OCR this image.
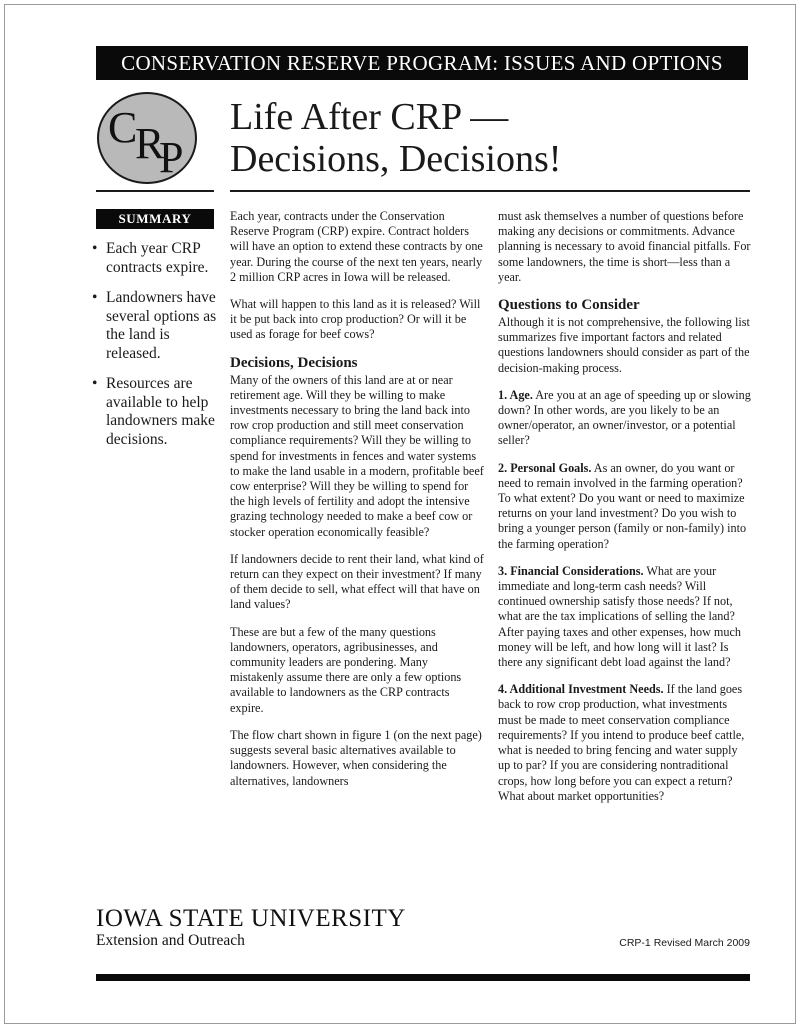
CONSERVATION RESERVE PROGRAM: ISSUES AND OPTIONS
C
R
P
Life After CRP —
Decisions, Decisions!
SUMMARY
• Each year CRP contracts expire.
• Landowners have several options as the land is released.
• Resources are available to help landowners make decisions.

Each year, contracts under the Conservation Reserve Program (CRP) expire. Contract holders will have an option to extend these contracts by one year. During the course of the next ten years, nearly 2 million CRP acres in Iowa will be released.

What will happen to this land as it is released? Will it be put back into crop production? Or will it be used as forage for beef cows?

Decisions, Decisions

Many of the owners of this land are at or near retirement age. Will they be willing to make investments necessary to bring the land back into row crop production and still meet conservation compliance requirements? Will they be willing to spend for investments in fences and water systems to make the land usable in a modern, profitable beef cow enterprise? Will they be willing to spend for the high levels of fertility and adopt the intensive grazing technology needed to make a beef cow or stocker operation economically feasible?

If landowners decide to rent their land, what kind of return can they expect on their investment? If many of them decide to sell, what effect will that have on land values?

These are but a few of the many questions landowners, operators, agribusinesses, and community leaders are pondering. Many mistakenly assume there are only a few options available to landowners as the CRP contracts expire.

The flow chart shown in figure 1 (on the next page) suggests several basic alternatives available to landowners. However, when considering the alternatives, landowners

must ask themselves a number of questions before making any decisions or commitments. Advance planning is necessary to avoid financial pitfalls. For some landowners, the time is short—less than a year.

Questions to Consider

Although it is not comprehensive, the following list summarizes five important factors and related questions landowners should consider as part of the decision-making process.

1. Age. Are you at an age of speeding up or slowing down? In other words, are you likely to be an owner/operator, an owner/investor, or a potential seller?

2. Personal Goals. As an owner, do you want or need to remain involved in the farming operation? To what extent? Do you want or need to maximize returns on your land investment? Do you wish to bring a younger person (family or non-family) into the farming operation?

3. Financial Considerations. What are your immediate and long-term cash needs? Will continued ownership satisfy those needs? If not, what are the tax implications of selling the land? After paying taxes and other expenses, how much money will be left, and how long will it last? Is there any significant debt load against the land?

4. Additional Investment Needs. If the land goes back to row crop production, what investments must be made to meet conservation compliance requirements? If you intend to produce beef cattle, what is needed to bring fencing and water supply up to par? If you are considering nontraditional crops, how long before you can expect a return? What about market opportunities?

IOWA STATE UNIVERSITY
Extension and Outreach	CRP-1 Revised March 2009
